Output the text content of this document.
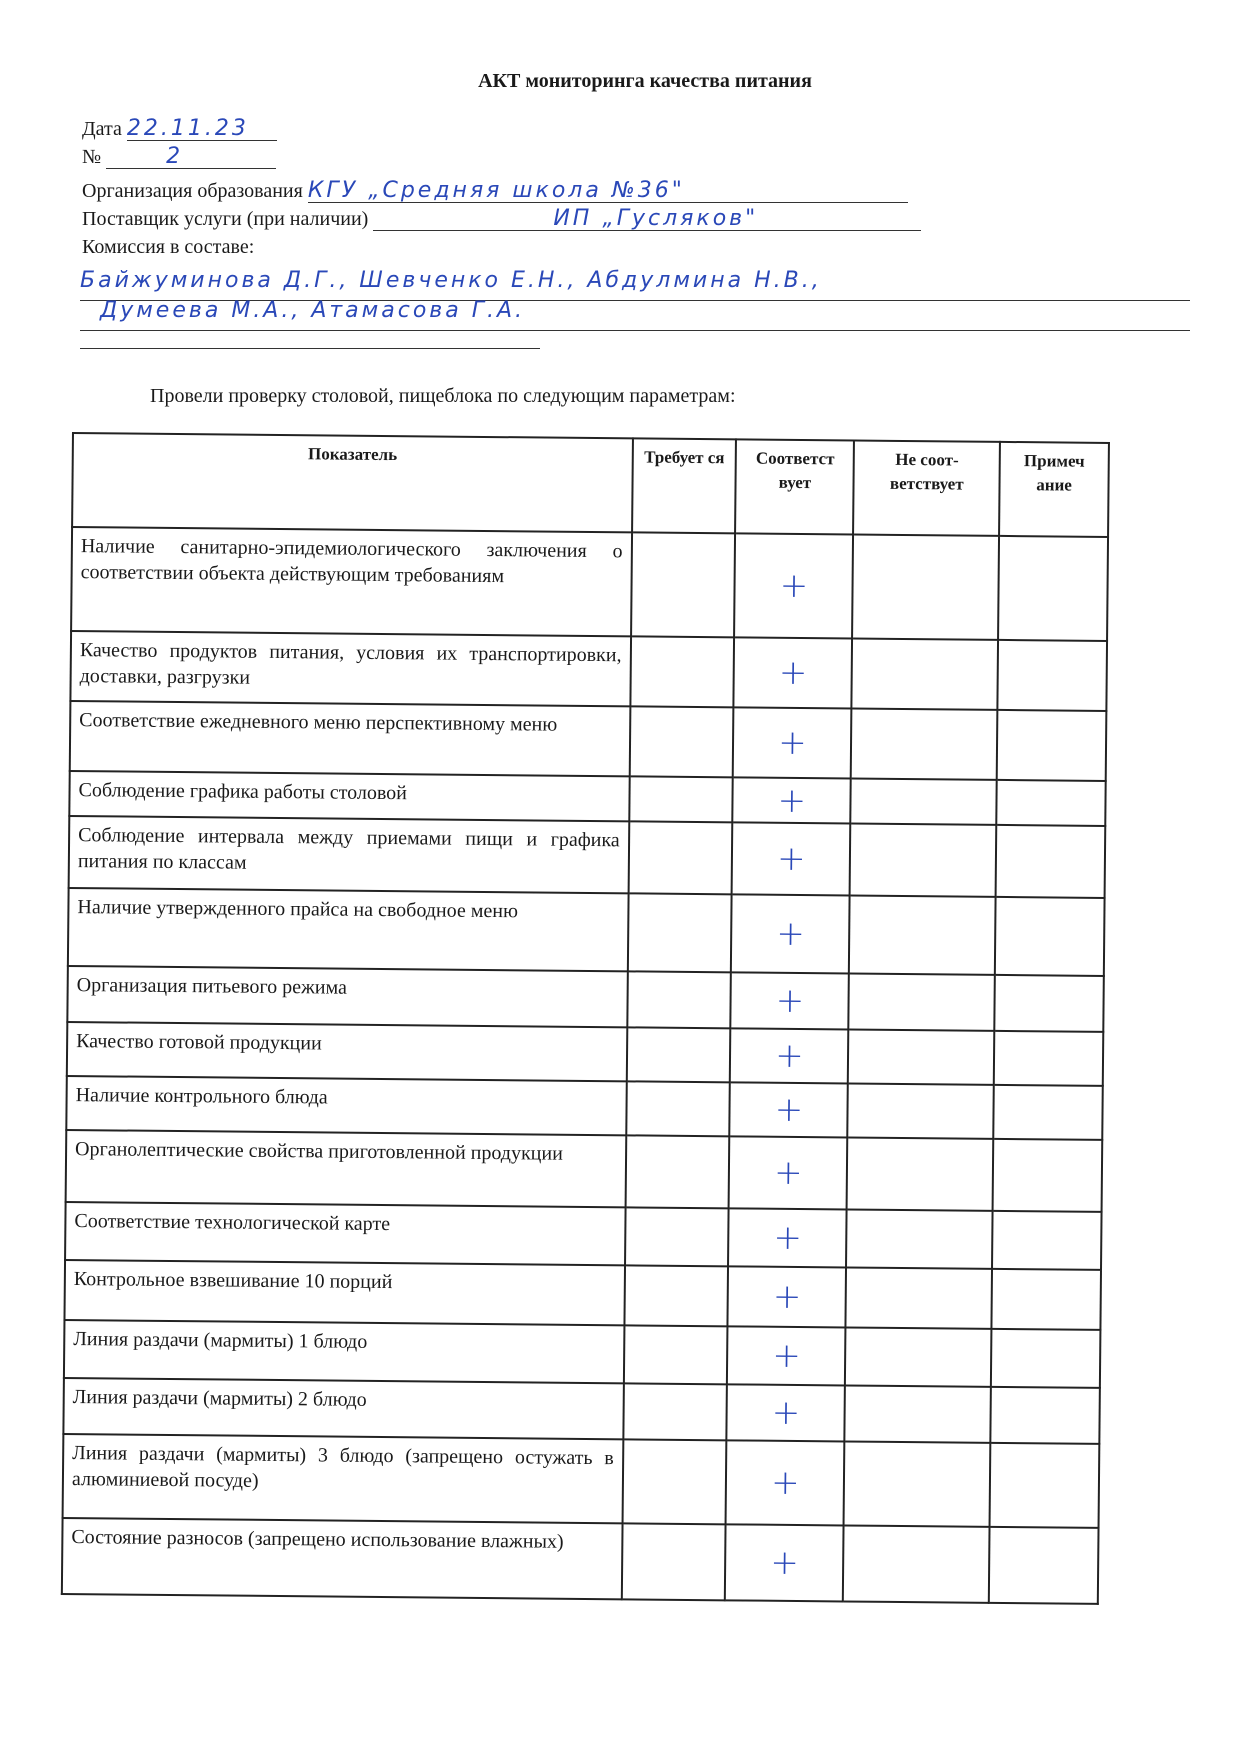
АКТ мониторинга качества питания
Дата 22.11.23
№	2
Организация образования КГУ „Средняя школа №36"
Поставщик услуги (при наличии)	ИП „Гусляков"
Комиссия в составе:
Байжуминова Д.Г., Шевченко Е.Н., Абдулмина Н.В.,
Думеева М.А., Атамасова Г.А.
Провели проверку столовой, пищеблока по следующим параметрам:
Показатель	Требует ся	Соответст вует	Не соот-ветствует	Примеч ание
Наличие санитарно-эпидемиологического заключения о соответствии объекта действующим требованиям		+		
Качество продуктов питания, условия их транспортировки, доставки, разгрузки		+		
Соответствие ежедневного меню перспективному меню		+		
Соблюдение графика работы столовой		+		
Соблюдение интервала между приемами пищи и графика питания по классам		+		
Наличие утвержденного прайса на свободное меню		+		
Организация питьевого режима		+		
Качество готовой продукции		+		
Наличие контрольного блюда		+		
Органолептические свойства приготовленной продукции		+		
Соответствие технологической карте		+		
Контрольное взвешивание 10 порций		+		
Линия раздачи (мармиты) 1 блюдо		+		
Линия раздачи (мармиты) 2 блюдо		+		
Линия раздачи (мармиты) 3 блюдо (запрещено остужать в алюминиевой посуде)		+		
Состояние разносов (запрещено использование влажных)		+		
